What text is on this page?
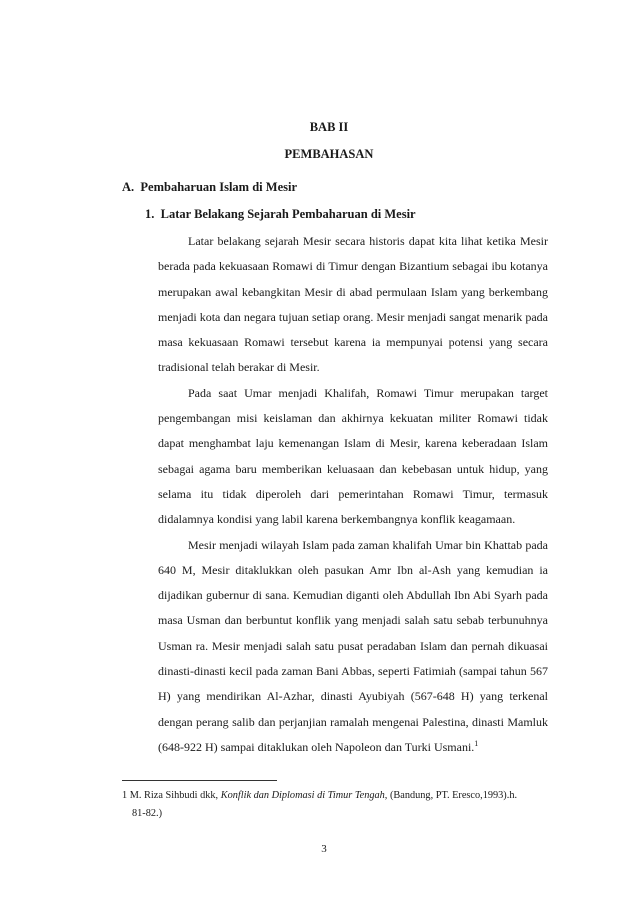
BAB II
PEMBAHASAN
A. Pembaharuan Islam di Mesir
1. Latar Belakang Sejarah Pembaharuan di Mesir

Latar belakang sejarah Mesir secara historis dapat kita lihat ketika Mesir berada pada kekuasaan Romawi di Timur dengan Bizantium sebagai ibu kotanya merupakan awal kebangkitan Mesir di abad permulaan Islam yang berkembang menjadi kota dan negara tujuan setiap orang. Mesir menjadi sangat menarik pada masa kekuasaan Romawi tersebut karena ia mempunyai potensi yang secara tradisional telah berakar di Mesir.

Pada saat Umar menjadi Khalifah, Romawi Timur merupakan target pengembangan misi keislaman dan akhirnya kekuatan militer Romawi tidak dapat menghambat laju kemenangan Islam di Mesir, karena keberadaan Islam sebagai agama baru memberikan keluasaan dan kebebasan untuk hidup, yang selama itu tidak diperoleh dari pemerintahan Romawi Timur, termasuk didalamnya kondisi yang labil karena berkembangnya konflik keagamaan.

Mesir menjadi wilayah Islam pada zaman khalifah Umar bin Khattab pada 640 M, Mesir ditaklukkan oleh pasukan Amr Ibn al-Ash yang kemudian ia dijadikan gubernur di sana. Kemudian diganti oleh Abdullah Ibn Abi Syarh pada masa Usman dan berbuntut konflik yang menjadi salah satu sebab terbunuhnya Usman ra. Mesir menjadi salah satu pusat peradaban Islam dan pernah dikuasai dinasti-dinasti kecil pada zaman Bani Abbas, seperti Fatimiah (sampai tahun 567 H) yang mendirikan Al-Azhar, dinasti Ayubiyah (567-648 H) yang terkenal dengan perang salib dan perjanjian ramalah mengenai Palestina, dinasti Mamluk (648-922 H) sampai ditaklukan oleh Napoleon dan Turki Usmani.$^1$

1 M. Riza Sihbudi dkk, Konflik dan Diplomasi di Timur Tengah, (Bandung, PT. Eresco,1993).h.
81-82.)
3
